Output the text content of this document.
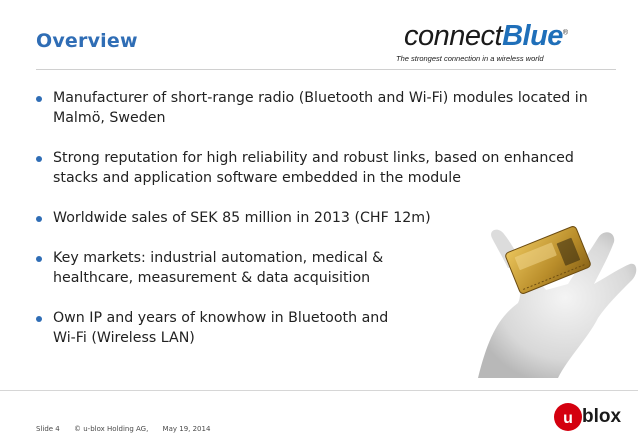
Overview	connectBlue®
The strongest connection in a wireless world
Manufacturer of short-range radio (Bluetooth and Wi-Fi) modules located in
Malmö, Sweden
Strong reputation for high reliability and robust links, based on enhanced
stacks and application software embedded in the module
Worldwide sales of SEK 85 million in 2013 (CHF 12m)
Key markets: industrial automation, medical &
healthcare, measurement & data acquisition
Own IP and years of knowhow in Bluetooth and
Wi-Fi (Wireless LAN)
Slide 4 © u-blox Holding AG, May 19, 2014
u blox
